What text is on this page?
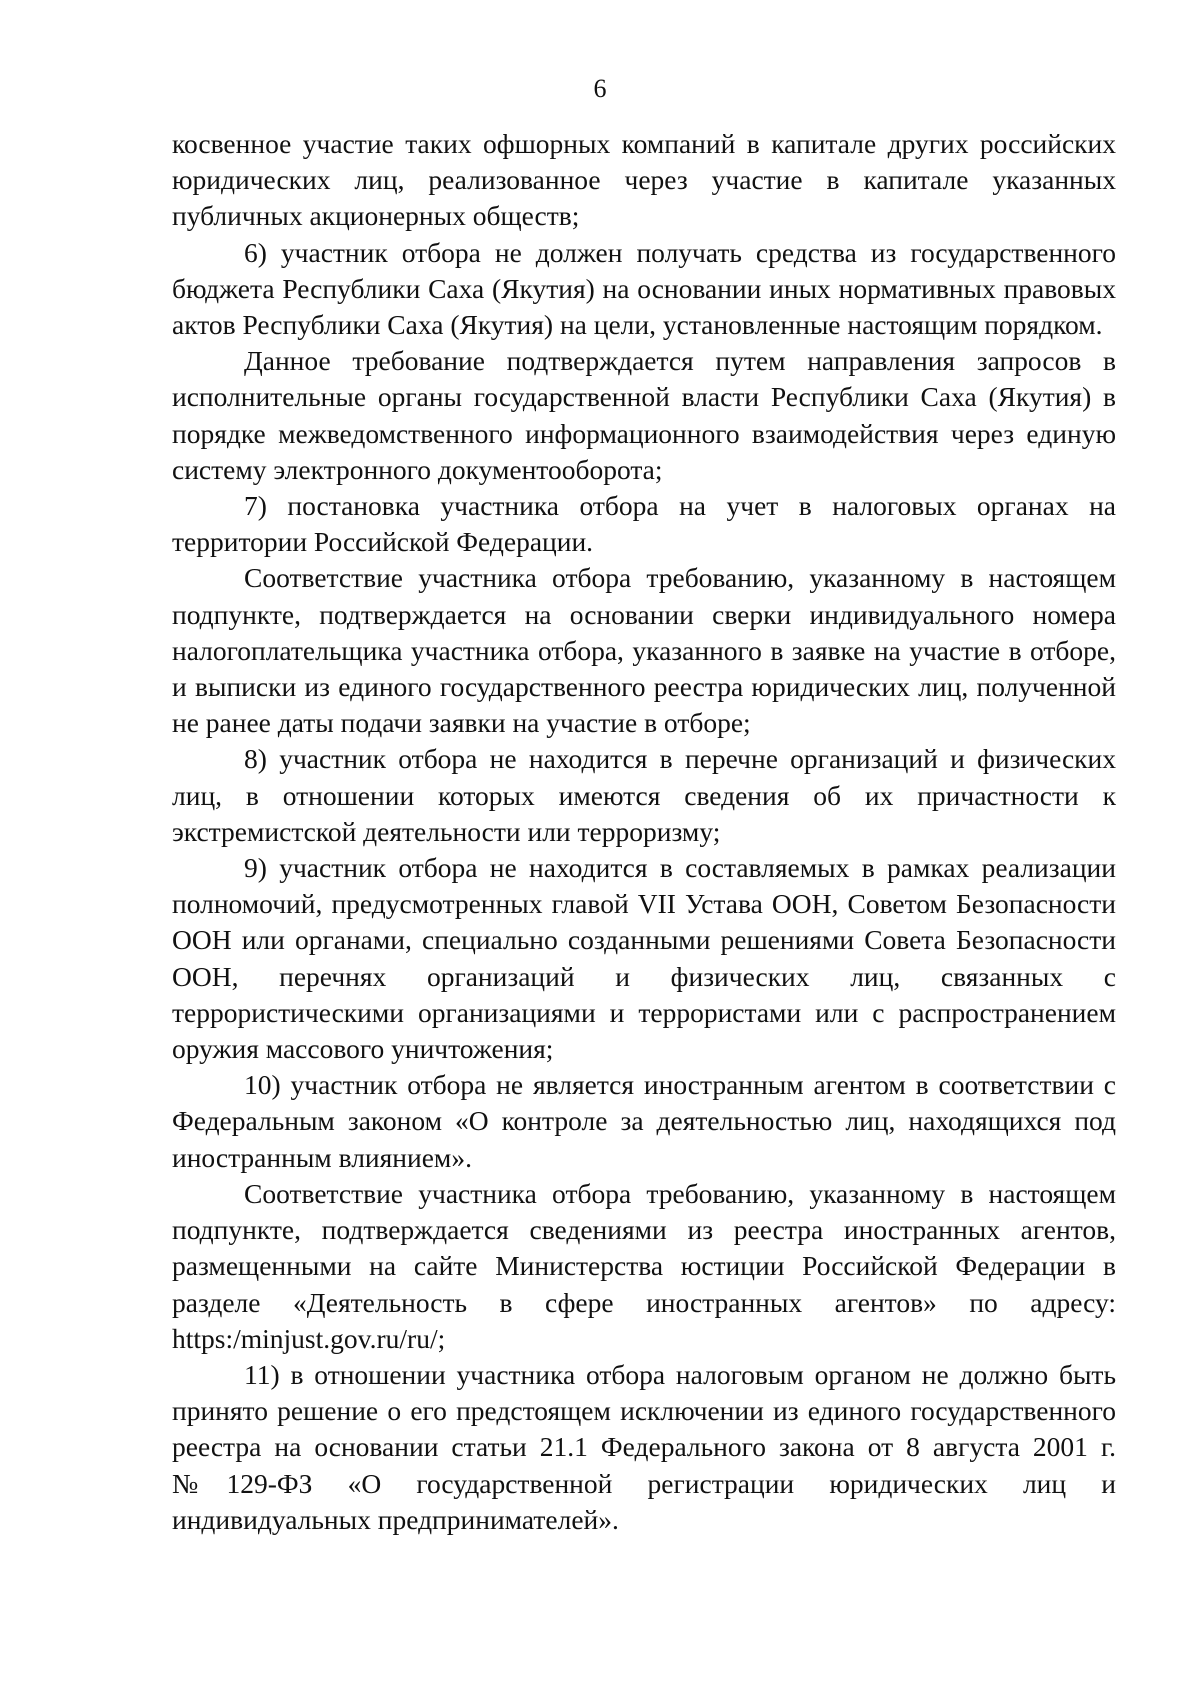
6

косвенное участие таких офшорных компаний в капитале других российских юридических лиц, реализованное через участие в капитале указанных публичных акционерных обществ;

6) участник отбора не должен получать средства из государственного бюджета Республики Саха (Якутия) на основании иных нормативных правовых актов Республики Саха (Якутия) на цели, установленные настоящим порядком.

Данное требование подтверждается путем направления запросов в исполнительные органы государственной власти Республики Саха (Якутия) в порядке межведомственного информационного взаимодействия через единую систему электронного документооборота;

7) постановка участника отбора на учет в налоговых органах на территории Российской Федерации.

Соответствие участника отбора требованию, указанному в настоящем подпункте, подтверждается на основании сверки индивидуального номера налогоплательщика участника отбора, указанного в заявке на участие в отборе, и выписки из единого государственного реестра юридических лиц, полученной не ранее даты подачи заявки на участие в отборе;

8) участник отбора не находится в перечне организаций и физических лиц, в отношении которых имеются сведения об их причастности к экстремистской деятельности или терроризму;

9) участник отбора не находится в составляемых в рамках реализации полномочий, предусмотренных главой VII Устава ООН, Советом Безопасности ООН или органами, специально созданными решениями Совета Безопасности ООН, перечнях организаций и физических лиц, связанных с террористическими организациями и террористами или с распространением оружия массового уничтожения;

10) участник отбора не является иностранным агентом в соответствии с Федеральным законом «О контроле за деятельностью лиц, находящихся под иностранным влиянием».

Соответствие участника отбора требованию, указанному в настоящем подпункте, подтверждается сведениями из реестра иностранных агентов, размещенными на сайте Министерства юстиции Российской Федерации в разделе «Деятельность в сфере иностранных агентов» по адресу: https:/minjust.gov.ru/ru/;

11) в отношении участника отбора налоговым органом не должно быть принято решение о его предстоящем исключении из единого государственного реестра на основании статьи 21.1 Федерального закона от 8 августа 2001 г. №129-ФЗ «О государственной регистрации юридических лиц и индивидуальных предпринимателей».
